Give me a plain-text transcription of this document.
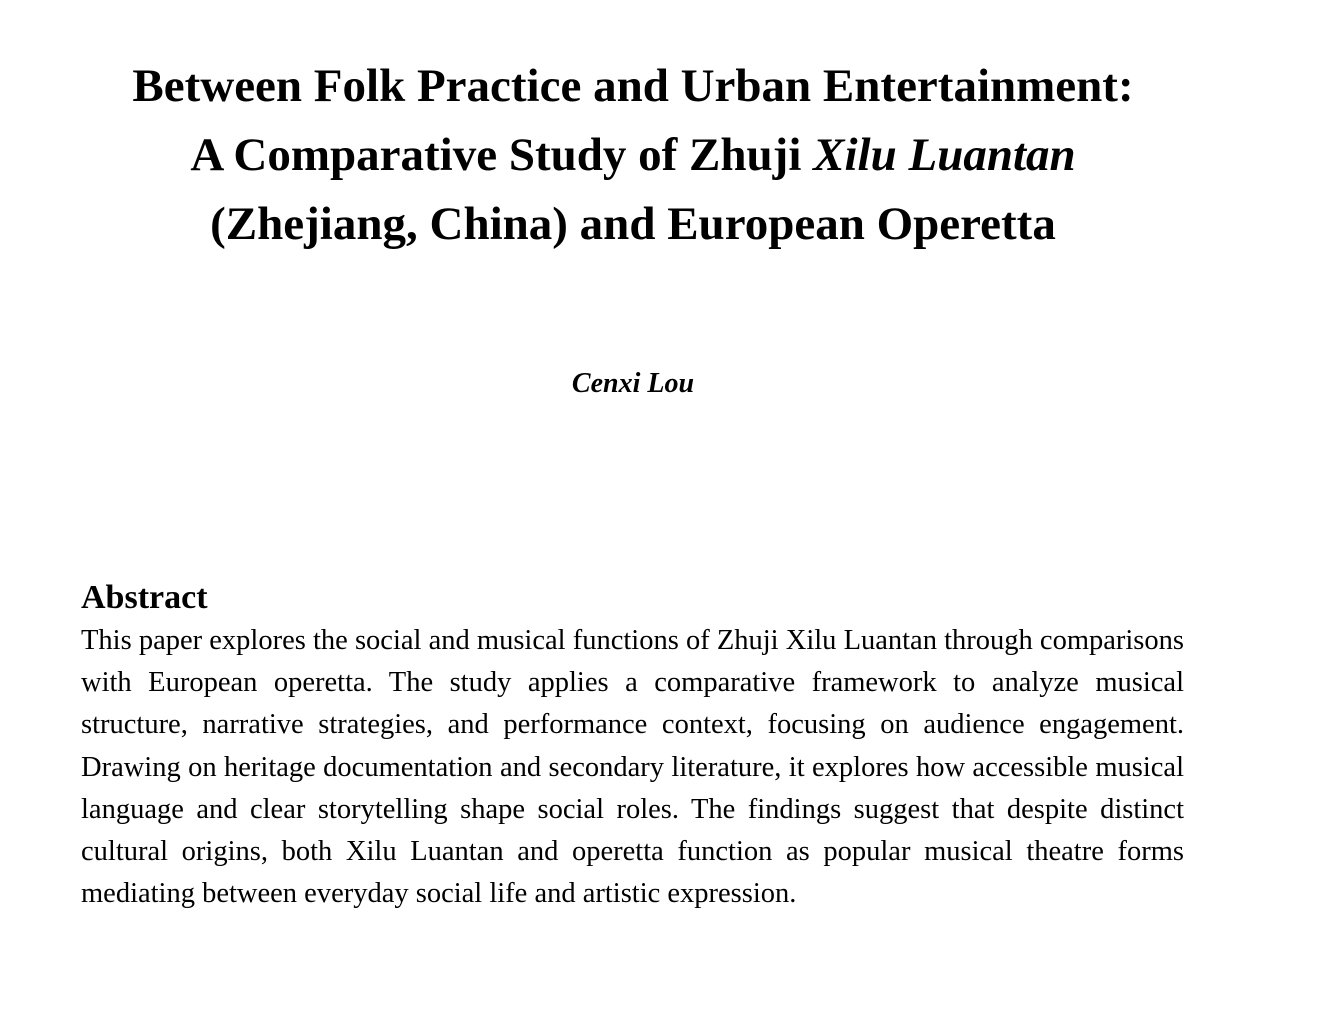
Between Folk Practice and Urban Entertainment:
A Comparative Study of Zhuji Xilu Luantan
(Zhejiang, China) and European Operetta
Cenxi Lou
Abstract

This paper explores the social and musical functions of Zhuji Xilu Luantan through comparisons with European operetta. The study applies a comparative framework to analyze musical structure, narrative strategies, and performance context, focusing on audience engagement. Drawing on heritage documentation and secondary literature, it explores how accessible musical language and clear storytelling shape social roles. The findings suggest that despite distinct cultural origins, both Xilu Luantan and operetta function as popular musical theatre forms mediating between everyday social life and artistic expression.
